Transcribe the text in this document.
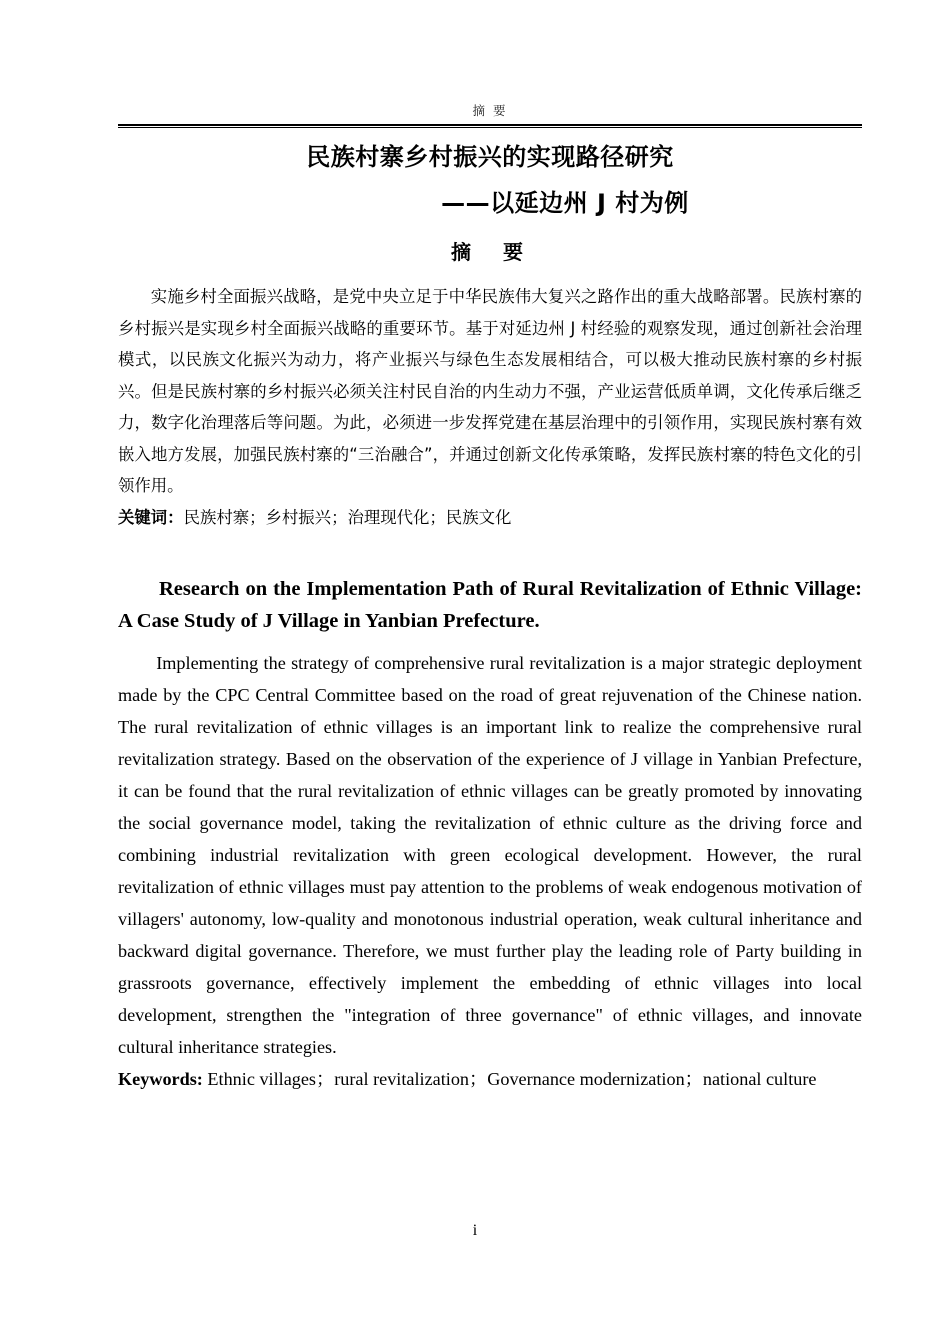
摘 要
民族村寨乡村振兴的实现路径研究
——以延边州 J 村为例
摘　要
实施乡村全面振兴战略，是党中央立足于中华民族伟大复兴之路作出的重大战略部署。民族村寨的乡村振兴是实现乡村全面振兴战略的重要环节。基于对延边州 J 村经验的观察发现，通过创新社会治理模式，以民族文化振兴为动力，将产业振兴与绿色生态发展相结合，可以极大推动民族村寨的乡村振兴。但是民族村寨的乡村振兴必须关注村民自治的内生动力不强，产业运营低质单调，文化传承后继乏力，数字化治理落后等问题。为此，必须进一步发挥党建在基层治理中的引领作用，实现民族村寨有效嵌入地方发展，加强民族村寨的“三治融合”，并通过创新文化传承策略，发挥民族村寨的特色文化的引领作用。
关键词：民族村寨；乡村振兴；治理现代化；民族文化
Research on the Implementation Path of Rural Revitalization of Ethnic Village: A Case Study of J Village in Yanbian Prefecture.
Implementing the strategy of comprehensive rural revitalization is a major strategic deployment made by the CPC Central Committee based on the road of great rejuvenation of the Chinese nation. The rural revitalization of ethnic villages is an important link to realize the comprehensive rural revitalization strategy. Based on the observation of the experience of J village in Yanbian Prefecture, it can be found that the rural revitalization of ethnic villages can be greatly promoted by innovating the social governance model, taking the revitalization of ethnic culture as the driving force and combining industrial revitalization with green ecological development. However, the rural revitalization of ethnic villages must pay attention to the problems of weak endogenous motivation of villagers' autonomy, low-quality and monotonous industrial operation, weak cultural inheritance and backward digital governance. Therefore, we must further play the leading role of Party building in grassroots governance, effectively implement the embedding of ethnic villages into local development, strengthen the "integration of three governance" of ethnic villages, and innovate cultural inheritance strategies.
Keywords: Ethnic villages；rural revitalization；Governance modernization；national culture
i
